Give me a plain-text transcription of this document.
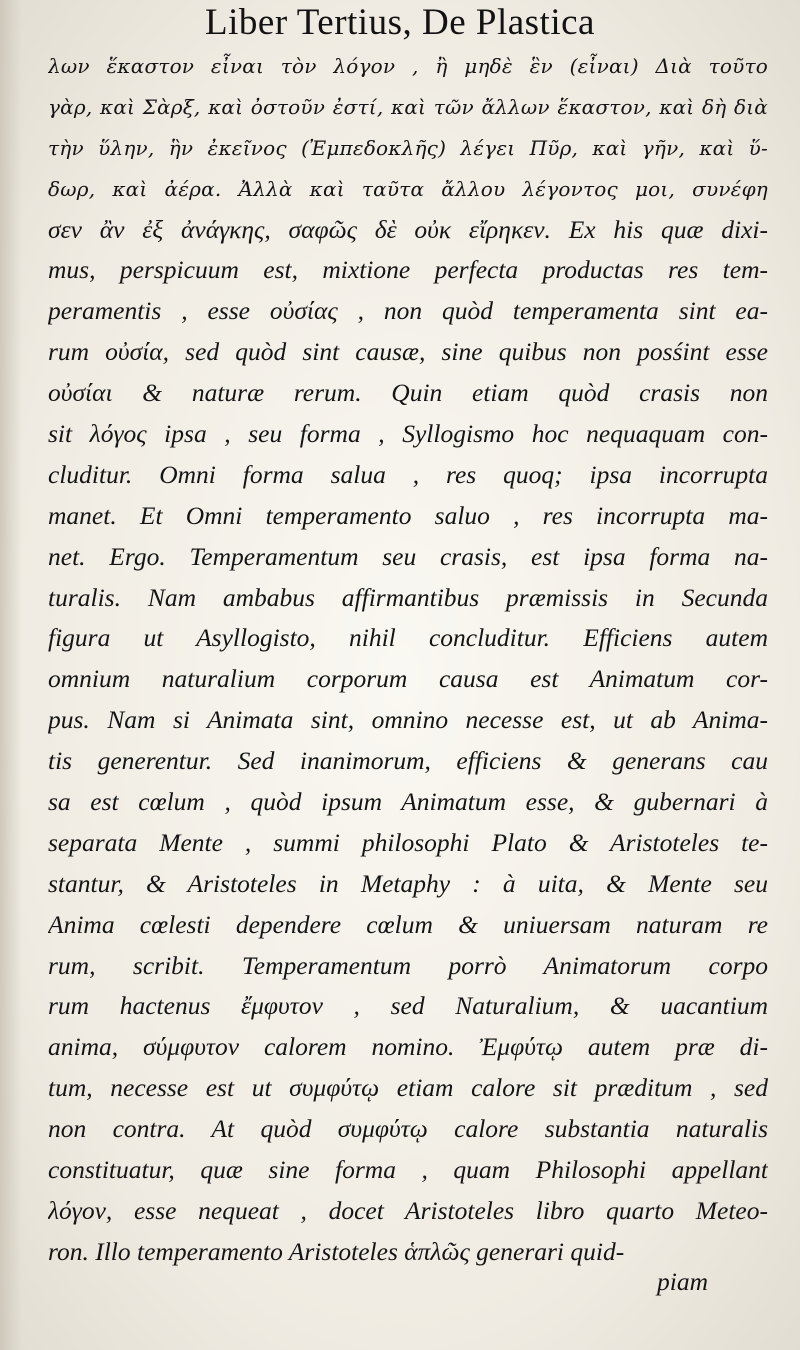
Liber Tertius, De Plastica
λων ἕκαστον εἶναι τὸν λόγον , ἢ μηδὲ ἓν (εἶναι) Διὰ τοῦτο
γὰρ, καὶ Σὰρξ, καὶ ὀστοῦν ἐστί, καὶ τῶν ἄλλων ἕκαστον, καὶ δὴ διὰ
τὴν ὕλην, ἣν ἐκεῖνος (Ἐμπεδοκλῆς) λέγει Πῦρ, καὶ γῆν, καὶ ὕ-
δωρ, καὶ ἀέρα. Ἀλλὰ καὶ ταῦτα ἄλλου λέγοντος μοι, συνέφη
σεν ἂν ἐξ ἀνάγκης, σαφῶς δὲ οὐκ εἴρηκεν. Ex his quæ dixi-
mus, perspicuum est, mixtione perfecta productas res tem-
peramentis , esse οὐσίας , non quòd temperamenta sint ea-
rum οὐσία, sed quòd sint causæ, sine quibus non posśint esse
οὐσίαι & naturæ rerum. Quin etiam quòd crasis non
sit λόγος ipsa , seu forma , Syllogismo hoc nequaquam con-
cluditur. Omni forma salua , res quoq; ipsa incorrupta
manet. Et Omni temperamento saluo , res incorrupta ma-
net. Ergo. Temperamentum seu crasis, est ipsa forma na-
turalis. Nam ambabus affirmantibus præmissis in Secunda
figura ut Asyllogisto, nihil concluditur. Efficiens autem
omnium naturalium corporum causa est Animatum cor-
pus. Nam si Animata sint, omnino necesse est, ut ab Anima-
tis generentur. Sed inanimorum, efficiens & generans cau
sa est cœlum , quòd ipsum Animatum esse, & gubernari à
separata Mente , summi philosophi Plato & Aristoteles te-
stantur, & Aristoteles in Metaphy : à uita, & Mente seu
Anima cœlesti dependere cœlum & uniuersam naturam re
rum, scribit. Temperamentum porrò Animatorum corpo
rum hactenus ἔμφυτον , sed Naturalium, & uacantium
anima, σύμφυτον calorem nomino. Ἐμφύτῳ autem præ di-
tum, necesse est ut συμφύτῳ etiam calore sit præditum , sed
non contra. At quòd συμφύτῳ calore substantia naturalis
constituatur, quæ sine forma , quam Philosophi appellant
λόγον, esse nequeat , docet Aristoteles libro quarto Meteo-
ron. Illo temperamento Aristoteles ἁπλῶς generari quid-
piam
